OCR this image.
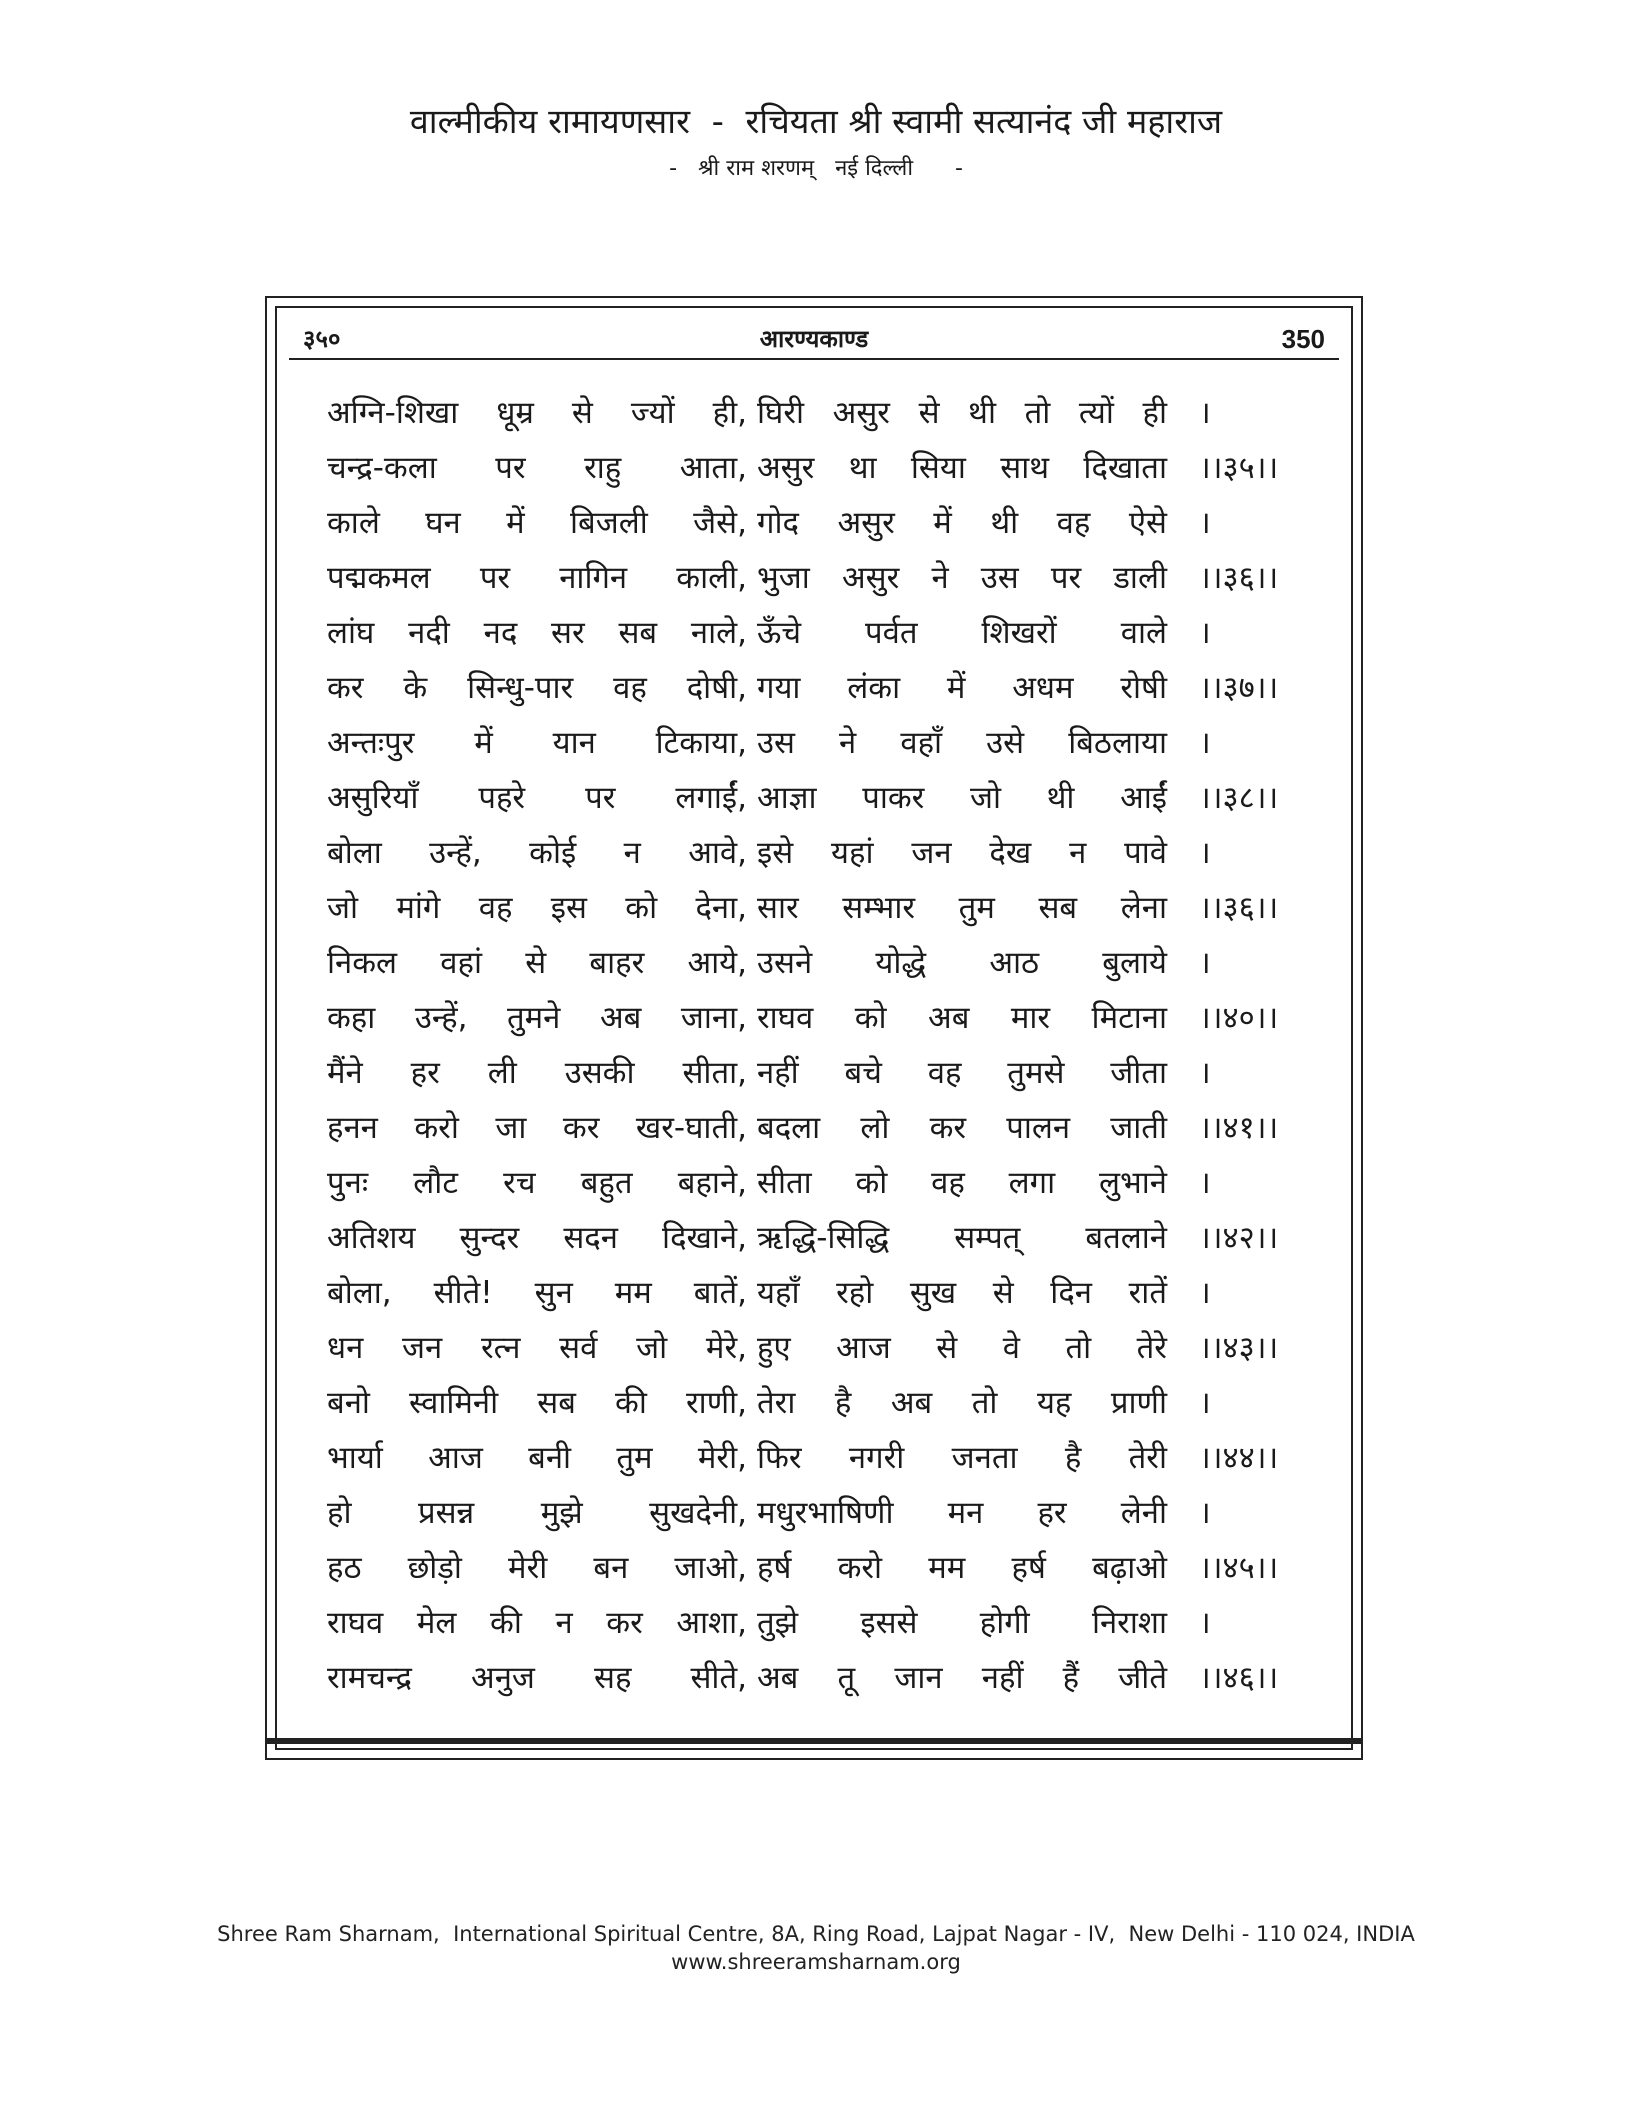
वाल्मीकीय रामायणसार  -  रचियता श्री स्वामी सत्यानंद जी महाराज
-   श्री राम शरणम्   नई दिल्ली      -
३५०	आरण्यकाण्ड	350
अग्नि-शिखा धूम्र से ज्यों ही, घिरी असुर से थी तो त्यों ही ।
चन्द्र-कला पर राहु आता, असुर था सिया साथ दिखाता ।।३५।।
काले घन में बिजली जैसे, गोद असुर में थी वह ऐसे ।
पद्मकमल पर नागिन काली, भुजा असुर ने उस पर डाली ।।३६।।
लांघ नदी नद सर सब नाले, ऊँचे पर्वत शिखरों वाले ।
कर के सिन्धु-पार वह दोषी, गया लंका में अधम रोषी ।।३७।।
अन्तःपुर में यान टिकाया, उस ने वहाँ उसे बिठलाया ।
असुरियाँ पहरे पर लगाईं, आज्ञा पाकर जो थी आईं ।।३८।।
बोला उन्हें, कोई न आवे, इसे यहां जन देख न पावे ।
जो मांगे वह इस को देना, सार सम्भार तुम सब लेना ।।३६।।
निकल वहां से बाहर आये, उसने योद्धे आठ बुलाये ।
कहा उन्हें, तुमने अब जाना, राघव को अब मार मिटाना ।।४०।।
मैंने हर ली उसकी सीता, नहीं बचे वह तुमसे जीता ।
हनन करो जा कर खर-घाती, बदला लो कर पालन जाती ।।४१।।
पुनः लौट रच बहुत बहाने, सीता को वह लगा लुभाने ।
अतिशय सुन्दर सदन दिखाने, ऋद्धि-सिद्धि सम्पत् बतलाने ।।४२।।
बोला, सीते! सुन मम बातें, यहाँ रहो सुख से दिन रातें ।
धन जन रत्न सर्व जो मेरे, हुए आज से वे तो तेरे ।।४३।।
बनो स्वामिनी सब की राणी, तेरा है अब तो यह प्राणी ।
भार्या आज बनी तुम मेरी, फिर नगरी जनता है तेरी ।।४४।।
हो प्रसन्न मुझे सुखदेनी, मधुरभाषिणी मन हर लेनी ।
हठ छोड़ो मेरी बन जाओ, हर्ष करो मम हर्ष बढ़ाओ ।।४५।।
राघव मेल की न कर आशा, तुझे इससे होगी निराशा ।
रामचन्द्र अनुज सह सीते, अब तू जान नहीं हैं जीते ।।४६।।
Shree Ram Sharnam,  International Spiritual Centre, 8A, Ring Road, Lajpat Nagar - IV,  New Delhi - 110 024, INDIA
www.shreeramsharnam.org
